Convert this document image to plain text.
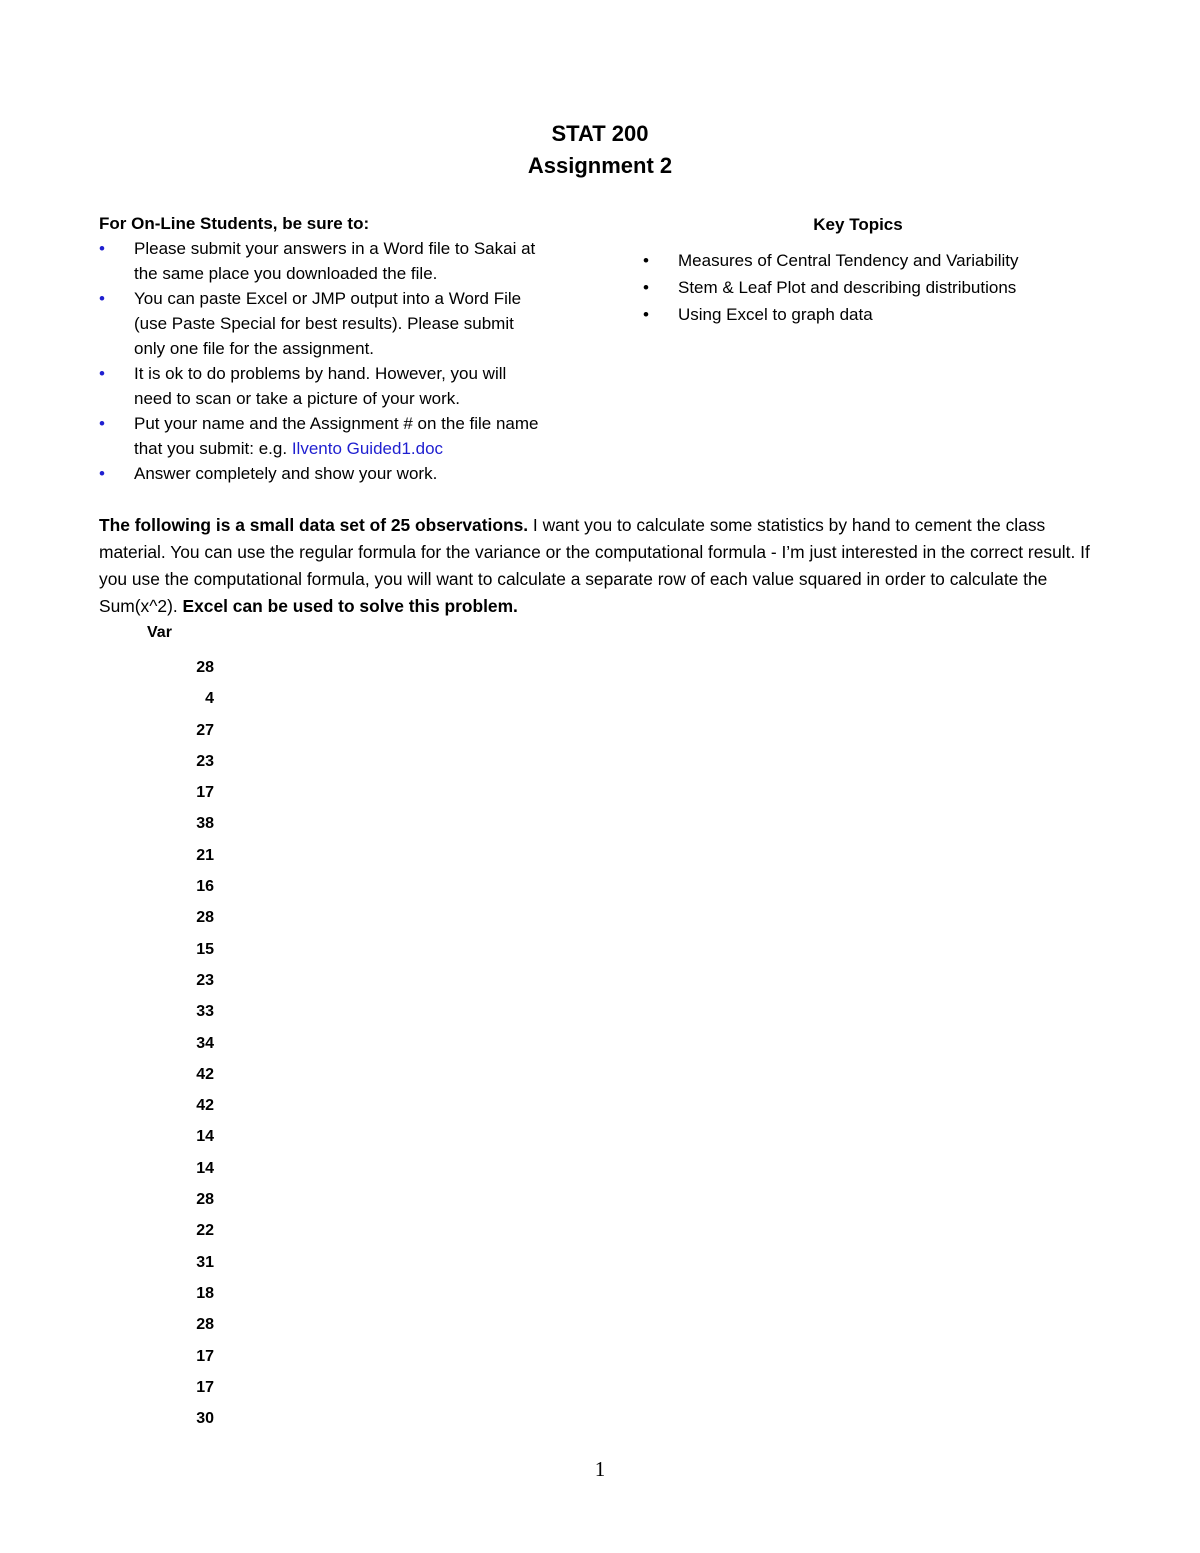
STAT 200
Assignment 2
For On-Line Students, be sure to:
• Please submit your answers in a Word file to Sakai at
the same place you downloaded the file.
• You can paste Excel or JMP output into a Word File
(use Paste Special for best results). Please submit
only one file for the assignment.
• It is ok to do problems by hand. However, you will
need to scan or take a picture of your work.
• Put your name and the Assignment # on the file name
that you submit: e.g. Ilvento Guided1.doc
• Answer completely and show your work.
Key Topics
• Measures of Central Tendency and Variability
• Stem & Leaf Plot and describing distributions
• Using Excel to graph data
The following is a small data set of 25 observations. I want you to calculate some statistics by hand to cement the class material. You can use the regular formula for the variance or the computational formula - I’m just interested in the correct result. If you use the computational formula, you will want to calculate a separate row of each value squared in order to calculate the Sum(x^2). Excel can be used to solve this problem.
Var
28
4
27
23
17
38
21
16
28
15
23
33
34
42
42
14
14
28
22
31
18
28
17
17
30
1
